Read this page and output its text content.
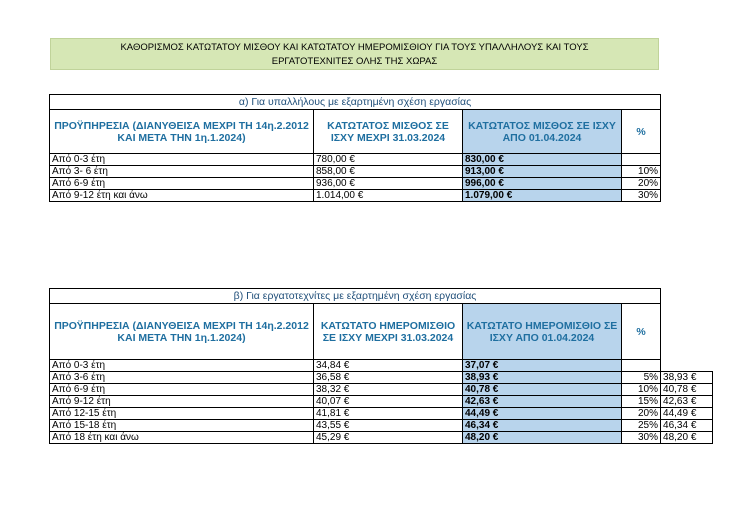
ΚΑΘΟΡΙΣΜΟΣ ΚΑΤΩΤΑΤΟΥ ΜΙΣΘΟΥ ΚΑΙ ΚΑΤΩΤΑΤΟΥ ΗΜΕΡΟΜΙΣΘΙΟΥ ΓΙΑ ΤΟΥΣ ΥΠΑΛΛΗΛΟΥΣ ΚΑΙ ΤΟΥΣ
ΕΡΓΑΤΟΤΕΧΝΙΤΕΣ ΟΛΗΣ ΤΗΣ ΧΩΡΑΣ
α) Για υπαλλήλους με εξαρτημένη σχέση εργασίας			
ΠΡΟΫΠΗΡΕΣΙΑ (ΔΙΑΝΥΘΕΙΣΑ ΜΕΧΡΙ ΤΗ 14η.2.2012 ΚΑΙ ΜΕΤΑ ΤΗΝ 1η.1.2024)	ΚΑΤΩΤΑΤΟΣ ΜΙΣΘΟΣ ΣΕ ΙΣΧΥ ΜΕΧΡΙ 31.03.2024	ΚΑΤΩΤΑΤΟΣ ΜΙΣΘΟΣ ΣΕ ΙΣΧΥ ΑΠΟ 01.04.2024	%
Από 0-3 έτη	780,00 €	830,00 €	
Από 3- 6 έτη	858,00 €	913,00 €	10%
Από 6-9 έτη	936,00 €	996,00 €	20%
Από 9-12 έτη και άνω	1.014,00 €	1.079,00 €	30%
β) Για εργατοτεχνίτες με εξαρτημένη σχέση εργασίας				
ΠΡΟΫΠΗΡΕΣΙΑ (ΔΙΑΝΥΘΕΙΣΑ ΜΕΧΡΙ ΤΗ 14η.2.2012 ΚΑΙ ΜΕΤΑ ΤΗΝ 1η.1.2024)	ΚΑΤΩΤΑΤΟ ΗΜΕΡΟΜΙΣΘΙΟ ΣΕ ΙΣΧΥ ΜΕΧΡΙ 31.03.2024	ΚΑΤΩΤΑΤΟ ΗΜΕΡΟΜΙΣΘΙΟ ΣΕ ΙΣΧΥ ΑΠΟ 01.04.2024	%	
Από 0-3 έτη	34,84 €	37,07 €		
Από 3-6 έτη	36,58 €	38,93 €	5%	38,93 €
Από 6-9 έτη	38,32 €	40,78 €	10%	40,78 €
Από 9-12 έτη	40,07 €	42,63 €	15%	42,63 €
Από 12-15 έτη	41,81 €	44,49 €	20%	44,49 €
Από 15-18 έτη	43,55 €	46,34 €	25%	46,34 €
Από 18 έτη και άνω	45,29 €	48,20 €	30%	48,20 €
